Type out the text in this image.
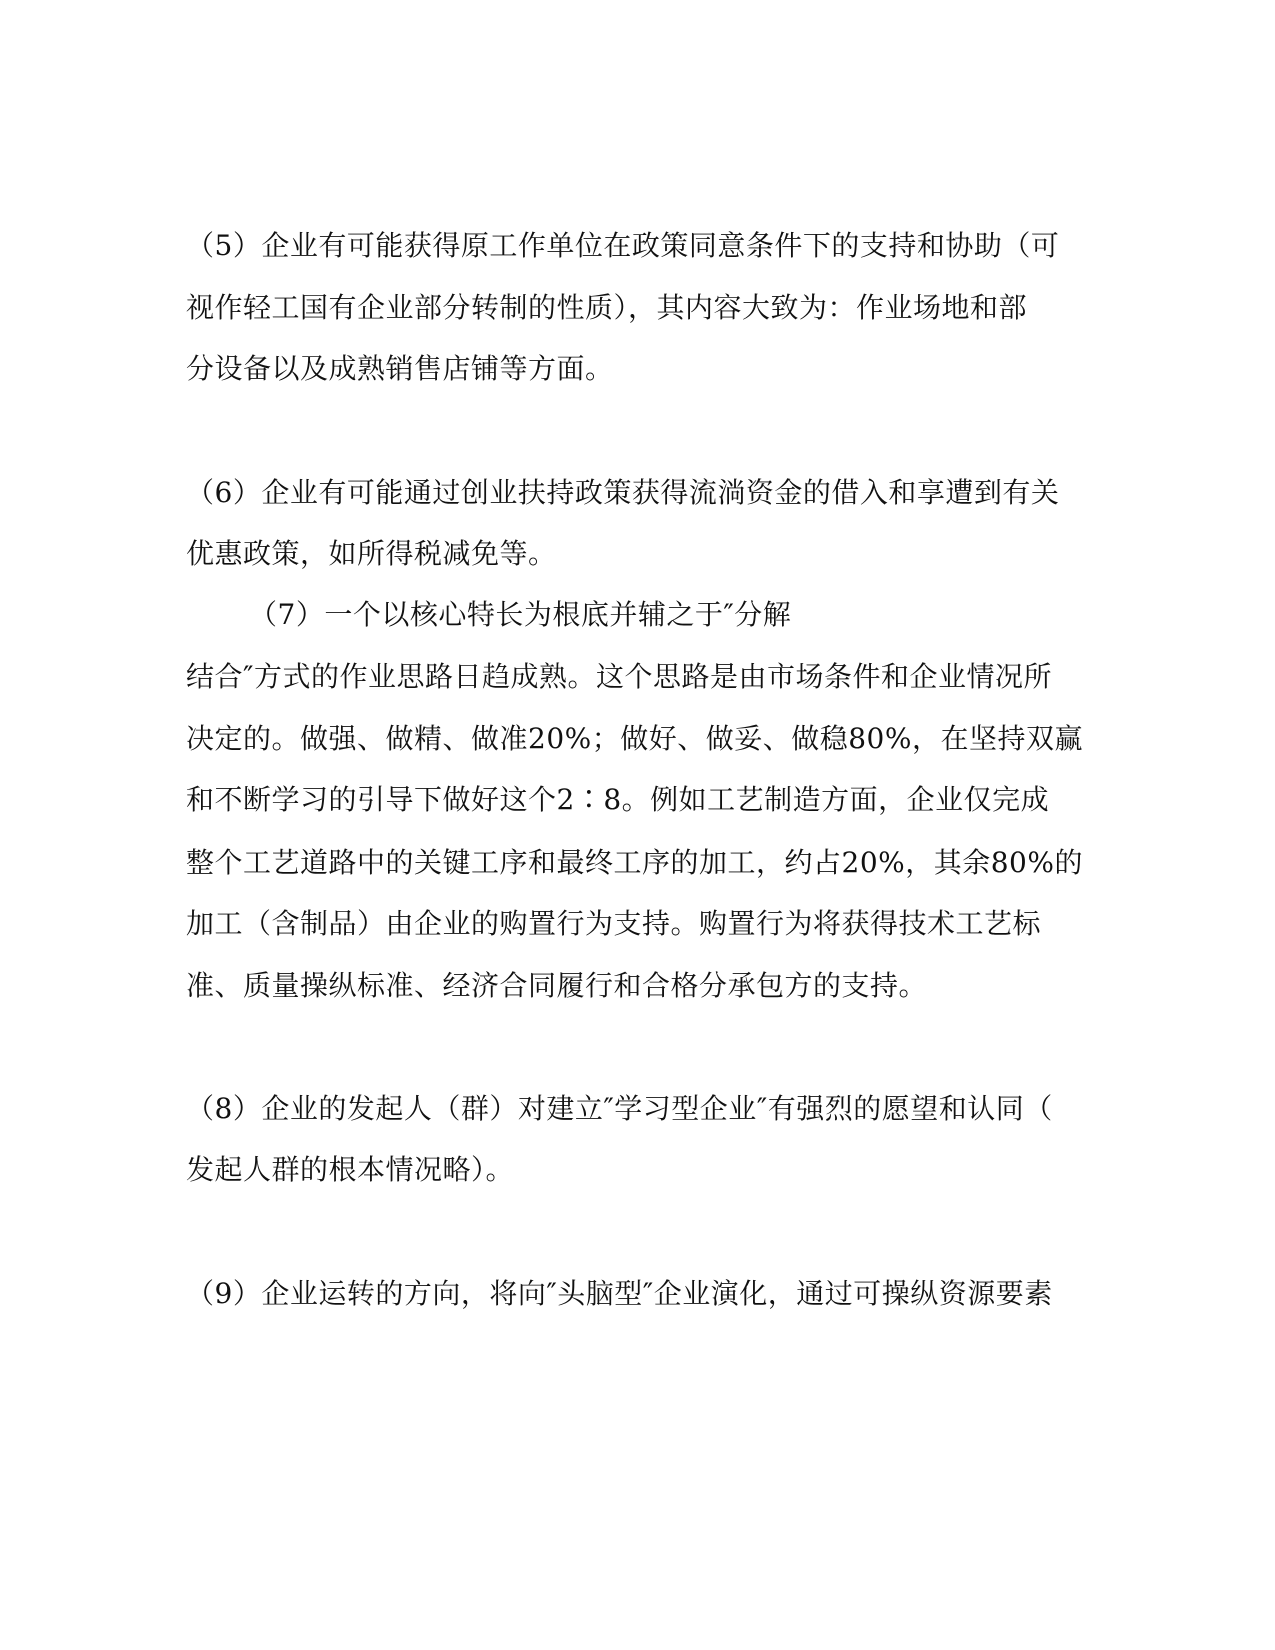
（5）企业有可能获得原工作单位在政策同意条件下的支持和协助（可
视作轻工国有企业部分转制的性质），其内容大致为：作业场地和部
分设备以及成熟销售店铺等方面。
（6）企业有可能通过创业扶持政策获得流淌资金的借入和享遭到有关
优惠政策，如所得税减免等。
（7）一个以核心特长为根底并辅之于″分解
结合″方式的作业思路日趋成熟。这个思路是由市场条件和企业情况所
决定的。做强、做精、做准20%；做好、做妥、做稳80%，在坚持双赢
和不断学习的引导下做好这个2∶8。例如工艺制造方面，企业仅完成
整个工艺道路中的关键工序和最终工序的加工，约占20%，其余80%的
加工（含制品）由企业的购置行为支持。购置行为将获得技术工艺标
准、质量操纵标准、经济合同履行和合格分承包方的支持。
（8）企业的发起人（群）对建立″学习型企业″有强烈的愿望和认同（
发起人群的根本情况略）。
（9）企业运转的方向，将向″头脑型″企业演化，通过可操纵资源要素
